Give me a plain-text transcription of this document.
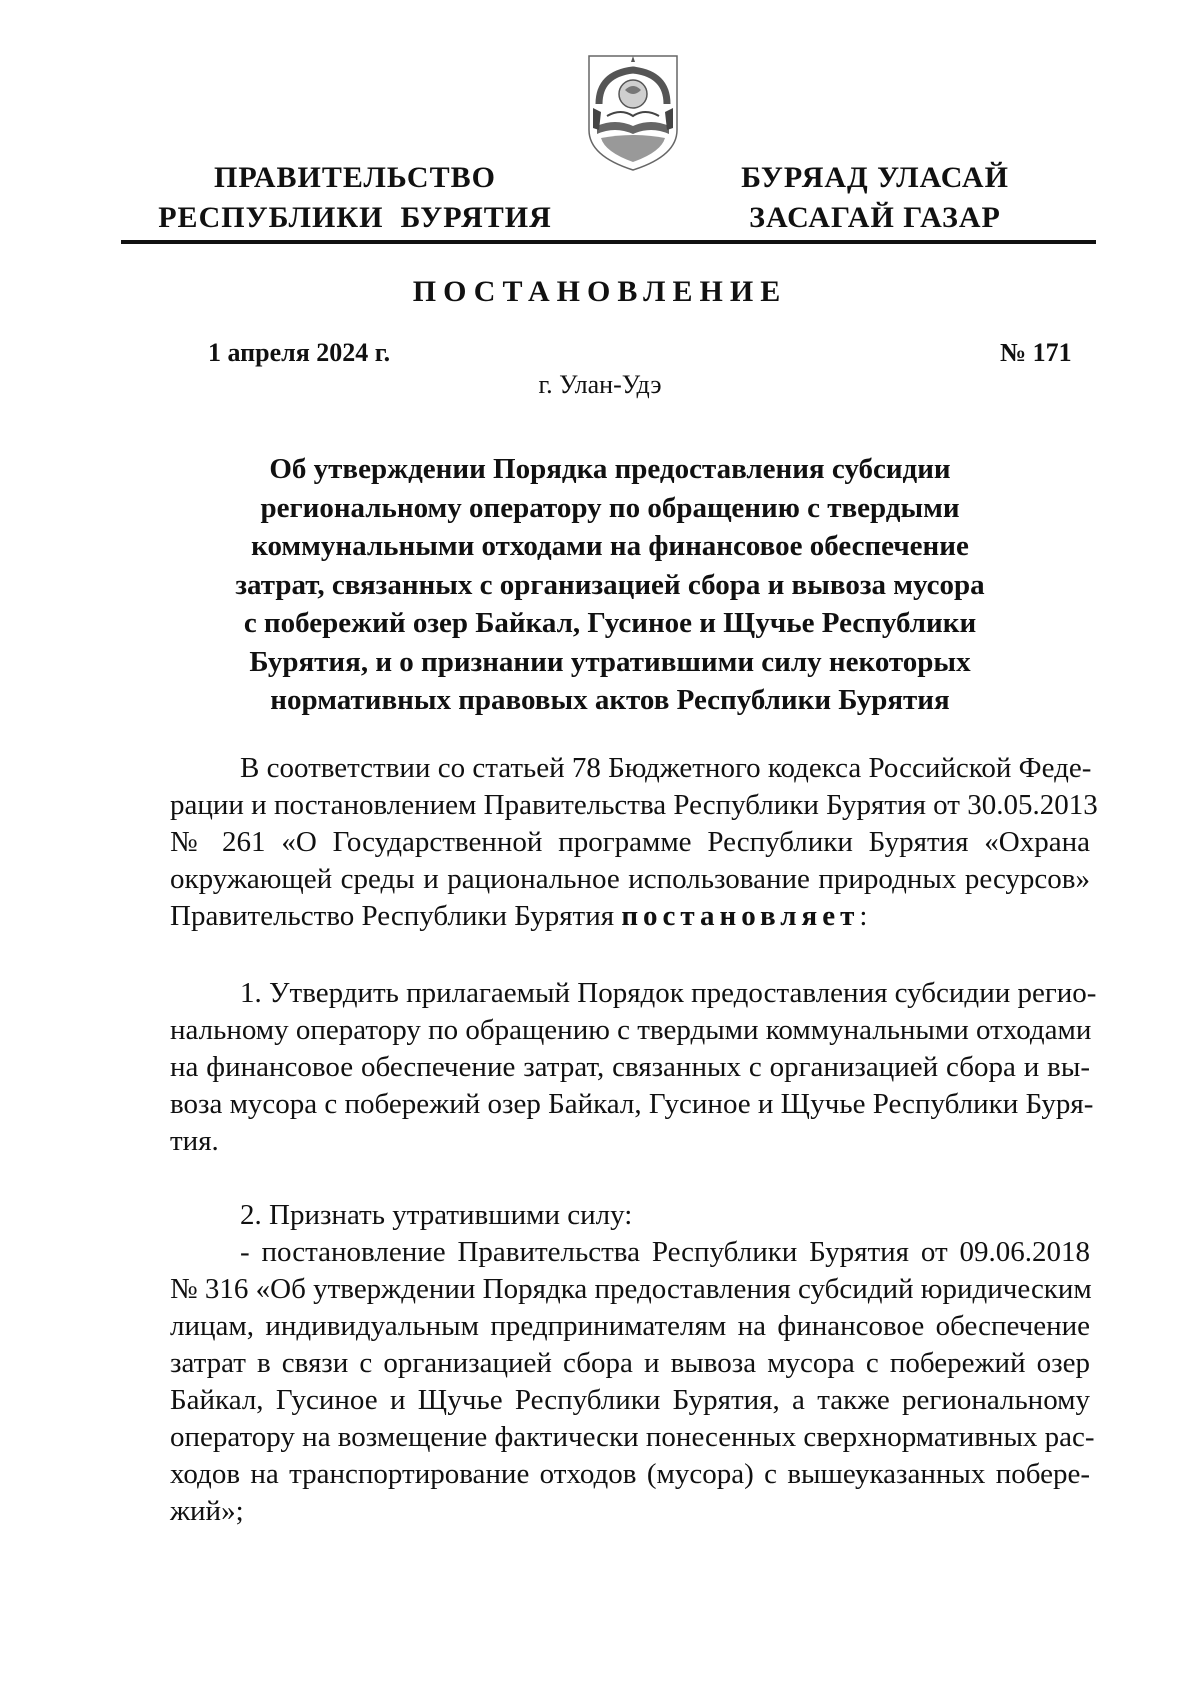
ПРАВИТЕЛЬСТВО
РЕСПУБЛИКИ  БУРЯТИЯ
БУРЯАД УЛАСАЙ
ЗАСАГАЙ ГАЗАР
ПОСТАНОВЛЕНИЕ
1 апреля 2024 г.	№ 171
г. Улан-Удэ
Об утверждении Порядка предоставления субсидии
региональному оператору по обращению с твердыми
коммунальными отходами на финансовое обеспечение
затрат, связанных с организацией сбора и вывоза мусора
с побережий озер Байкал, Гусиное и Щучье Республики
Бурятия, и о признании утратившими силу некоторых
нормативных правовых актов Республики Бурятия
В соответствии со статьей 78 Бюджетного кодекса Российской Феде-
рации и постановлением Правительства Республики Бурятия от 30.05.2013
№ 261 «О Государственной программе Республики Бурятия «Охрана
окружающей среды и рациональное использование природных ресурсов»
Правительство Республики Бурятия постановляет:
1. Утвердить прилагаемый Порядок предоставления субсидии регио-
нальному оператору по обращению с твердыми коммунальными отходами
на финансовое обеспечение затрат, связанных с организацией сбора и вы-
воза мусора с побережий озер Байкал, Гусиное и Щучье Республики Буря-
тия.
2. Признать утратившими силу:
- постановление Правительства Республики Бурятия от 09.06.2018
№ 316 «Об утверждении Порядка предоставления субсидий юридическим
лицам, индивидуальным предпринимателям на финансовое обеспечение
затрат в связи с организацией сбора и вывоза мусора с побережий озер
Байкал, Гусиное и Щучье Республики Бурятия, а также региональному
оператору на возмещение фактически понесенных сверхнормативных рас-
ходов на транспортирование отходов (мусора) с вышеуказанных побере-
жий»;
